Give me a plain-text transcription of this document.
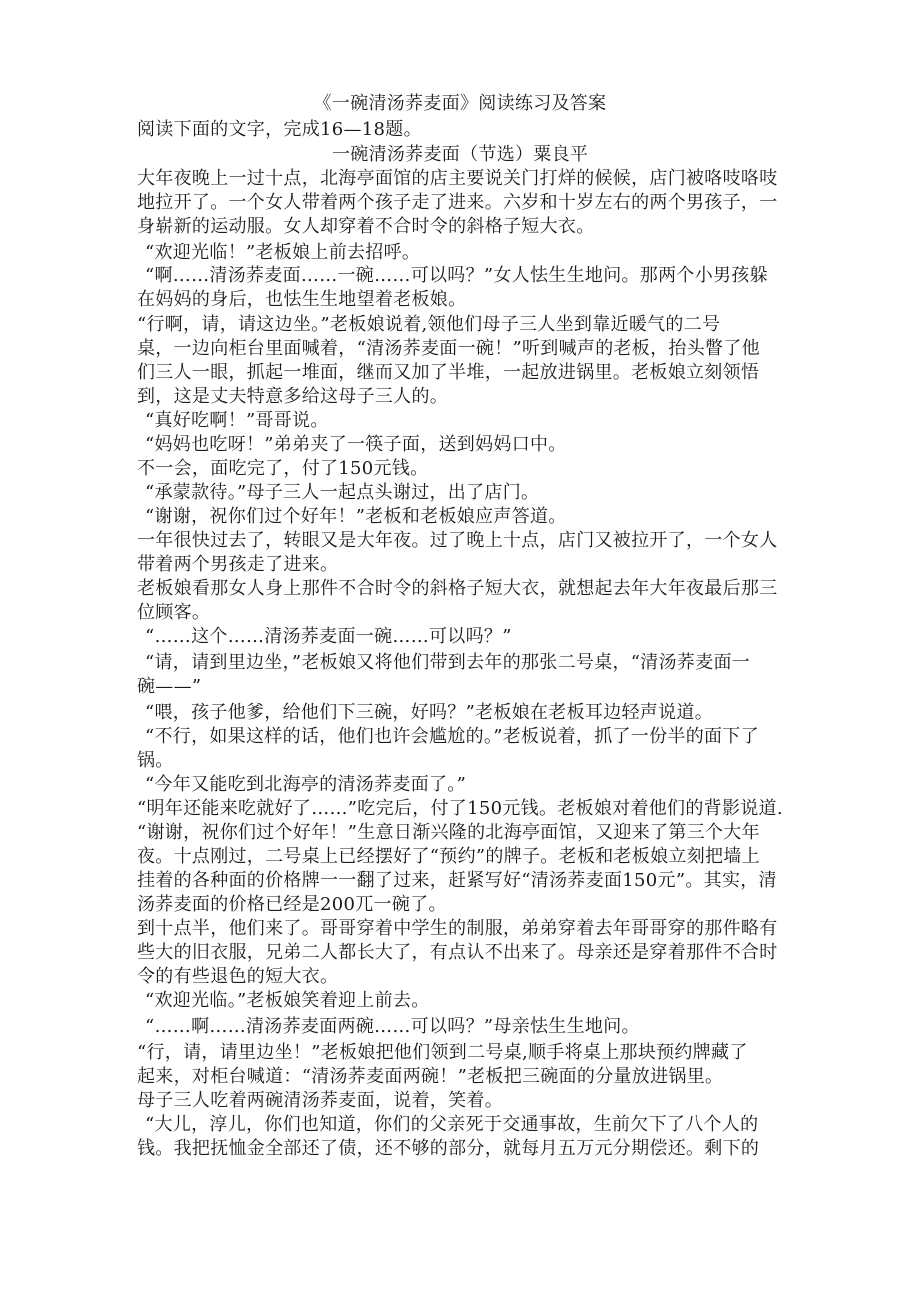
《一碗清汤荞麦面》阅读练习及答案
阅读下面的文字，完成16—18题。
一碗清汤荞麦面（节选）粟良平
大年夜晚上一过十点，北海亭面馆的店主要说关门打烊的候候，店门被咯吱咯吱
地拉开了。一个女人带着两个孩子走了进来。六岁和十岁左右的两个男孩子，一
身崭新的运动服。女人却穿着不合时令的斜格子短大衣。
“欢迎光临！”老板娘上前去招呼。
“啊……清汤荞麦面……一碗……可以吗？”女人怯生生地问。那两个小男孩躲
在妈妈的身后，也怯生生地望着老板娘。
“行啊，请，请这边坐。”老板娘说着,领他们母子三人坐到靠近暖气的二号
桌，一边向柜台里面喊着，“清汤荞麦面一碗！”听到喊声的老板，抬头瞥了他
们三人一眼，抓起一堆面，继而又加了半堆，一起放进锅里。老板娘立刻领悟
到，这是丈夫特意多给这母子三人的。
“真好吃啊！”哥哥说。
“妈妈也吃呀！”弟弟夹了一筷子面，送到妈妈口中。
不一会，面吃完了，付了150元钱。
“承蒙款待。”母子三人一起点头谢过，出了店门。
“谢谢，祝你们过个好年！”老板和老板娘应声答道。
一年很快过去了，转眼又是大年夜。过了晚上十点，店门又被拉开了，一个女人
带着两个男孩走了进来。
老板娘看那女人身上那件不合时令的斜格子短大衣，就想起去年大年夜最后那三
位顾客。
“……这个……清汤荞麦面一碗……可以吗？”
“请，请到里边坐，”老板娘又将他们带到去年的那张二号桌，“清汤荞麦面一
碗——”
“喂，孩子他爹，给他们下三碗，好吗？”老板娘在老板耳边轻声说道。
“不行，如果这样的话，他们也许会尴尬的。”老板说着，抓了一份半的面下了
锅。
“今年又能吃到北海亭的清汤荞麦面了。”
“明年还能来吃就好了……”吃完后，付了150元钱。老板娘对着他们的背影说道.
“谢谢，祝你们过个好年！”生意日渐兴隆的北海亭面馆，又迎来了第三个大年
夜。十点刚过，二号桌上已经摆好了“预约”的牌子。老板和老板娘立刻把墙上
挂着的各种面的价格牌一一翻了过来，赶紧写好“清汤荞麦面150元”。其实，清
汤荞麦面的价格已经是200兀一碗了。
到十点半，他们来了。哥哥穿着中学生的制服，弟弟穿着去年哥哥穿的那件略有
些大的旧衣服，兄弟二人都长大了，有点认不出来了。母亲还是穿着那件不合时
令的有些退色的短大衣。
“欢迎光临。”老板娘笑着迎上前去。
“……啊……清汤荞麦面两碗……可以吗？”母亲怯生生地问。
“行，请，请里边坐！”老板娘把他们领到二号桌,顺手将桌上那块预约牌藏了
起来，对柜台喊道：“清汤荞麦面两碗！”老板把三碗面的分量放进锅里。
母子三人吃着两碗清汤荞麦面，说着，笑着。
“大儿，淳儿，你们也知道，你们的父亲死于交通事故，生前欠下了八个人的
钱。我把抚恤金全部还了债，还不够的部分，就每月五万元分期偿还。剩下的
